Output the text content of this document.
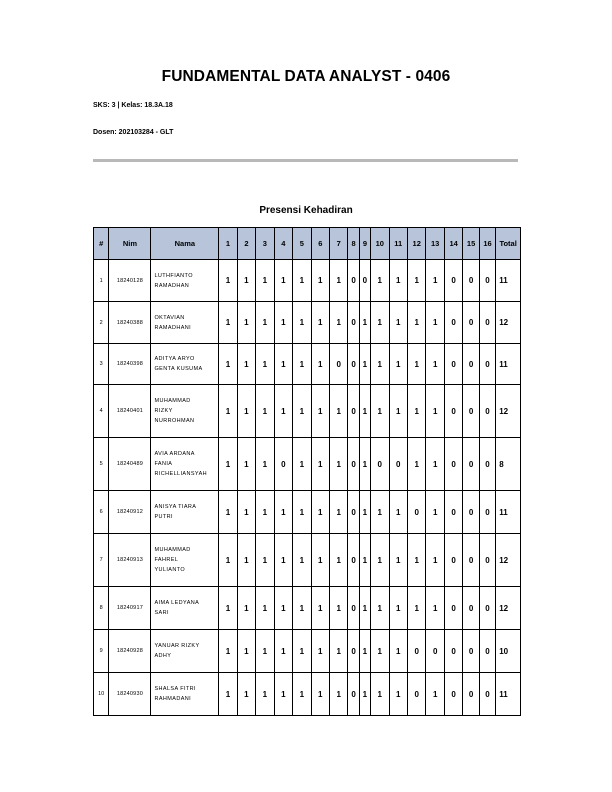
FUNDAMENTAL DATA ANALYST - 0406
SKS: 3 | Kelas: 18.3A.18
Dosen: 202103284 - GLT
Presensi Kehadiran
#	Nim	Nama	1	2	3	4	5	6	7	8	9	10	11	12	13	14	15	16	Total
1	18240128	LUTHFIANTO
RAMADHAN	1	1	1	1	1	1	1	0	0	1	1	1	1	0	0	0	11
2	18240388	OKTAVIAN
RAMADHANI	1	1	1	1	1	1	1	0	1	1	1	1	1	0	0	0	12
3	18240398	ADITYA ARYO
GENTA KUSUMA	1	1	1	1	1	1	0	0	1	1	1	1	1	0	0	0	11
4	18240401	MUHAMMAD
RIZKY
NURROHMAN	1	1	1	1	1	1	1	0	1	1	1	1	1	0	0	0	12
5	18240489	AVIA ARDANA
FANIA
RICHELLIANSYAH	1	1	1	0	1	1	1	0	1	0	0	1	1	0	0	0	8
6	18240912	ANISYA TIARA
PUTRI	1	1	1	1	1	1	1	0	1	1	1	0	1	0	0	0	11
7	18240913	MUHAMMAD
FAHREL
YULIANTO	1	1	1	1	1	1	1	0	1	1	1	1	1	0	0	0	12
8	18240917	AIMA LEDYANA
SARI	1	1	1	1	1	1	1	0	1	1	1	1	1	0	0	0	12
9	18240928	YANUAR RIZKY
ADHY	1	1	1	1	1	1	1	0	1	1	1	0	0	0	0	0	10
10	18240930	SHALSA FITRI
RAHMADANI	1	1	1	1	1	1	1	0	1	1	1	0	1	0	0	0	11
